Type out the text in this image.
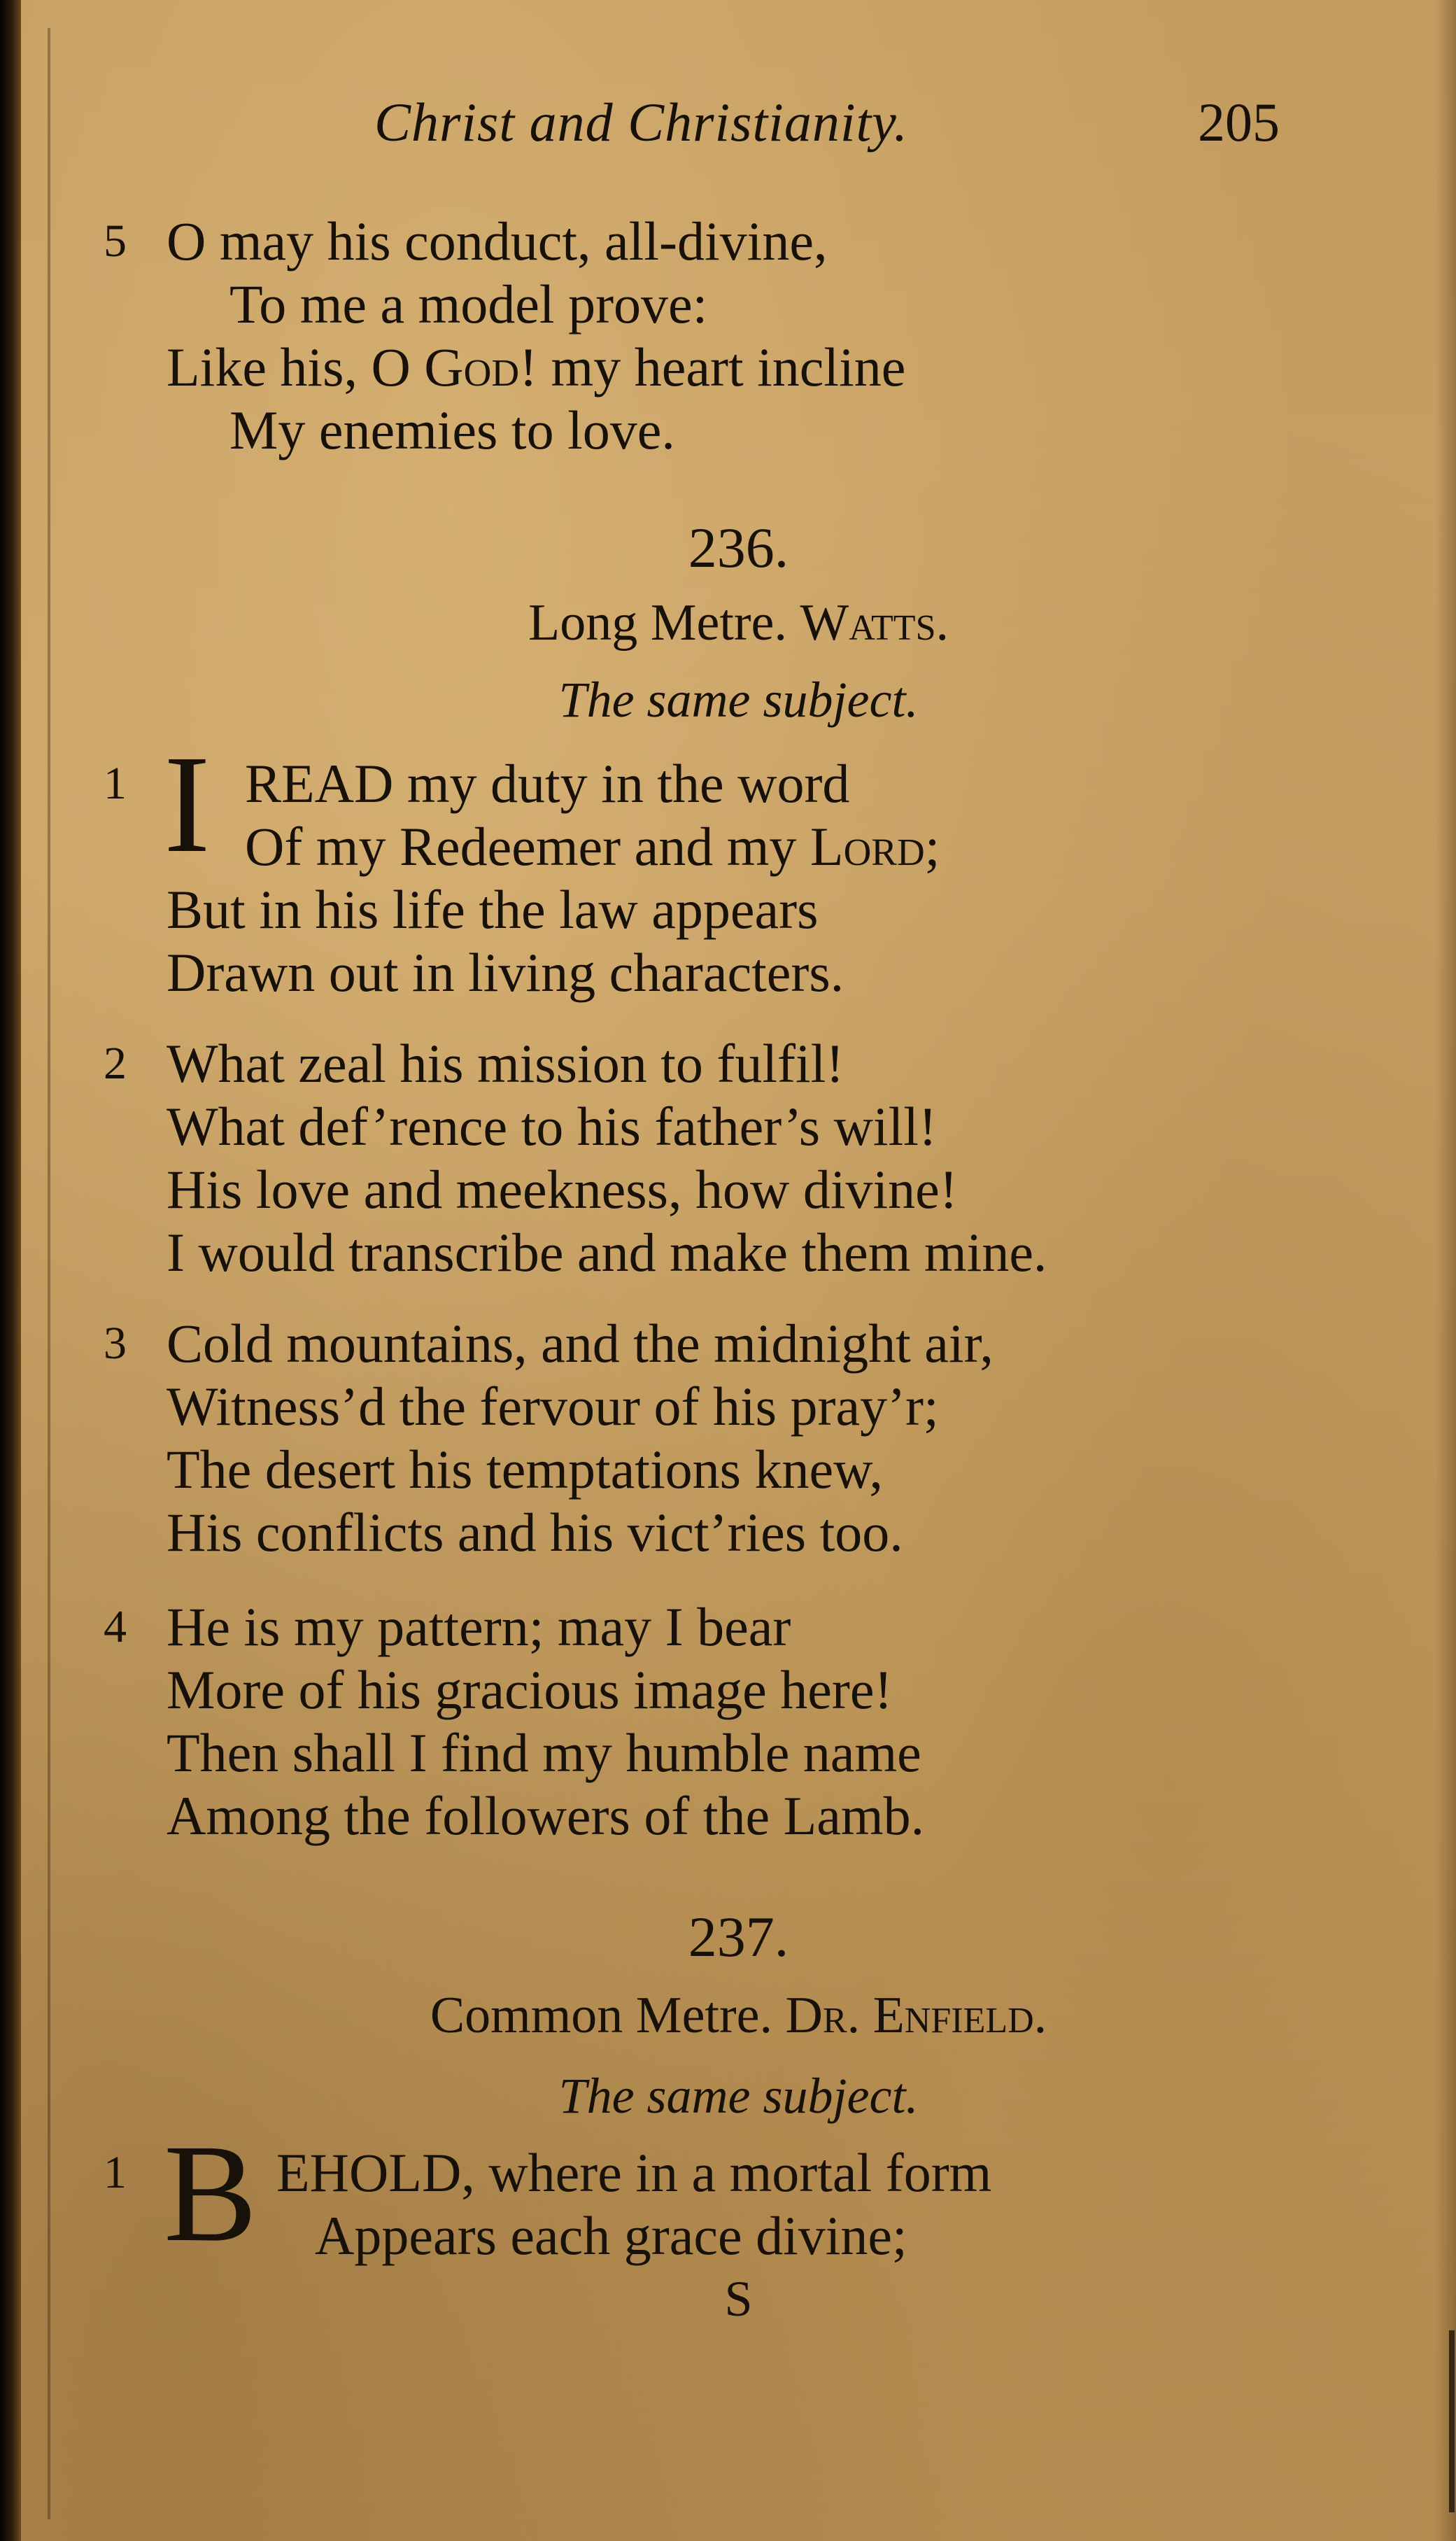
Christ and Christianity.	205
5 O may his conduct, all-divine,
To me a model prove:
Like his, O God! my heart incline
My enemies to love.
236.
Long Metre. Watts.
The same subject.
1 I READ my duty in the word
Of my Redeemer and my Lord;
But in his life the law appears
Drawn out in living characters.
2 What zeal his mission to fulfil!
What def’rence to his father’s will!
His love and meekness, how divine!
I would transcribe and make them mine.
3 Cold mountains, and the midnight air,
Witness’d the fervour of his pray’r;
The desert his temptations knew,
His conflicts and his vict’ries too.
4 He is my pattern; may I bear
More of his gracious image here!
Then shall I find my humble name
Among the followers of the Lamb.
237.
Common Metre. Dr. Enfield.
The same subject.
1 B EHOLD, where in a mortal form
Appears each grace divine;
S
